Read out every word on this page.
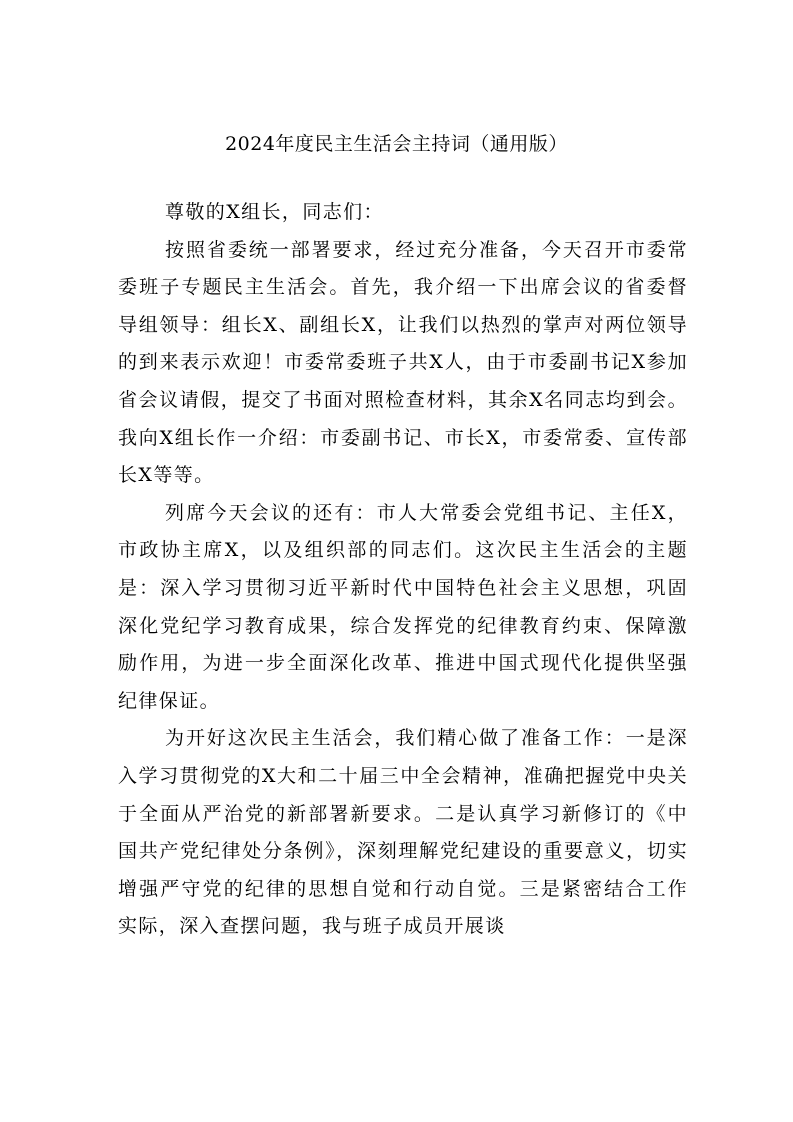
2024年度民主生活会主持词（通用版）

尊敬的X组长，同志们：

按照省委统一部署要求，经过充分准备，今天召开市委常委班子专题民主生活会。首先，我介绍一下出席会议的省委督导组领导：组长X、副组长X，让我们以热烈的掌声对两位领导的到来表示欢迎！市委常委班子共X人，由于市委副书记X参加省会议请假，提交了书面对照检查材料，其余X名同志均到会。我向X组长作一介绍：市委副书记、市长X，市委常委、宣传部长X等等。

列席今天会议的还有：市人大常委会党组书记、主任X，市政协主席X，以及组织部的同志们。这次民主生活会的主题是：深入学习贯彻习近平新时代中国特色社会主义思想，巩固深化党纪学习教育成果，综合发挥党的纪律教育约束、保障激励作用，为进一步全面深化改革、推进中国式现代化提供坚强纪律保证。

为开好这次民主生活会，我们精心做了准备工作：一是深入学习贯彻党的X大和二十届三中全会精神，准确把握党中央关于全面从严治党的新部署新要求。二是认真学习新修订的《中国共产党纪律处分条例》，深刻理解党纪建设的重要意义，切实增强严守党的纪律的思想自觉和行动自觉。三是紧密结合工作实际，深入查摆问题，我与班子成员开展谈
